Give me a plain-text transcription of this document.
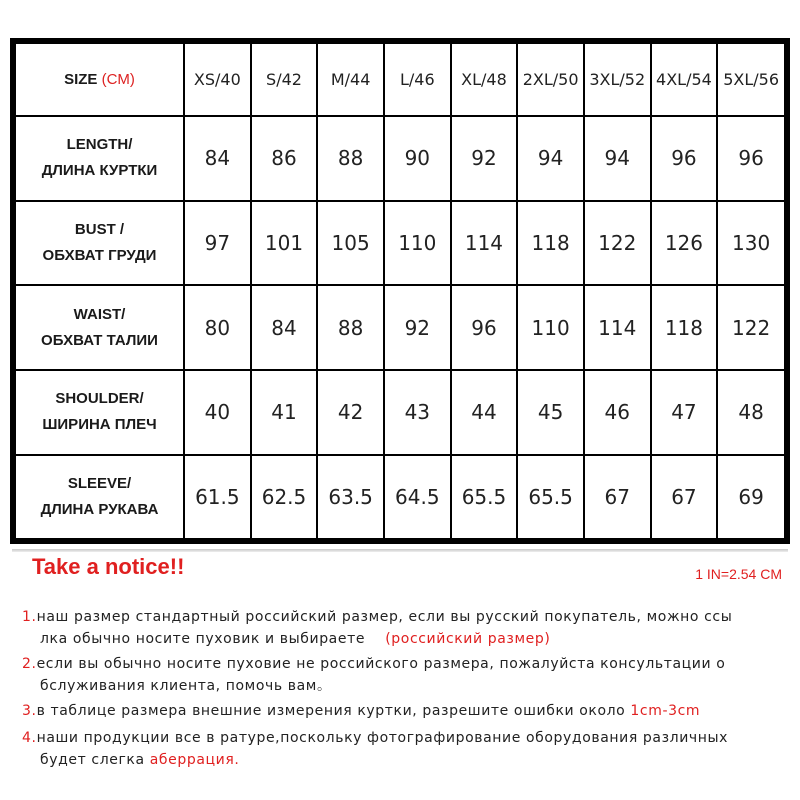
SIZE (CM)	XS/40	S/42	M/44	L/46	XL/48	2XL/50	3XL/52	4XL/54	5XL/56

LENGTH/
ДЛИНА КУРТКИ	84	86	88	90	92	94	94	96	96

BUST /
ОБХВАТ ГРУДИ	97	101	105	110	114	118	122	126	130

WAIST/
ОБХВАТ ТАЛИИ	80	84	88	92	96	110	114	118	122

SHOULDER/
ШИРИНА ПЛЕЧ	40	41	42	43	44	45	46	47	48

SLEEVE/
ДЛИНА РУКАВА	61.5	62.5	63.5	64.5	65.5	65.5	67	67	69
Take a notice!!	1 IN=2.54 CM
1.наш размер стандартный российский размер, если вы русский покупатель, можно ссы
лка обычно носите пуховик и выбираете (российский размер)
2.если вы обычно носите пуховие не российского размера, пожалуйста консультации о
бслуживания клиента, помочь вам。
3.в таблице размера внешние измерения куртки, разрешите ошибки около 1cm-3cm
4.наши продукции все в ратуре,поскольку фотографирование оборудования различных
будет слегка аберрация.
